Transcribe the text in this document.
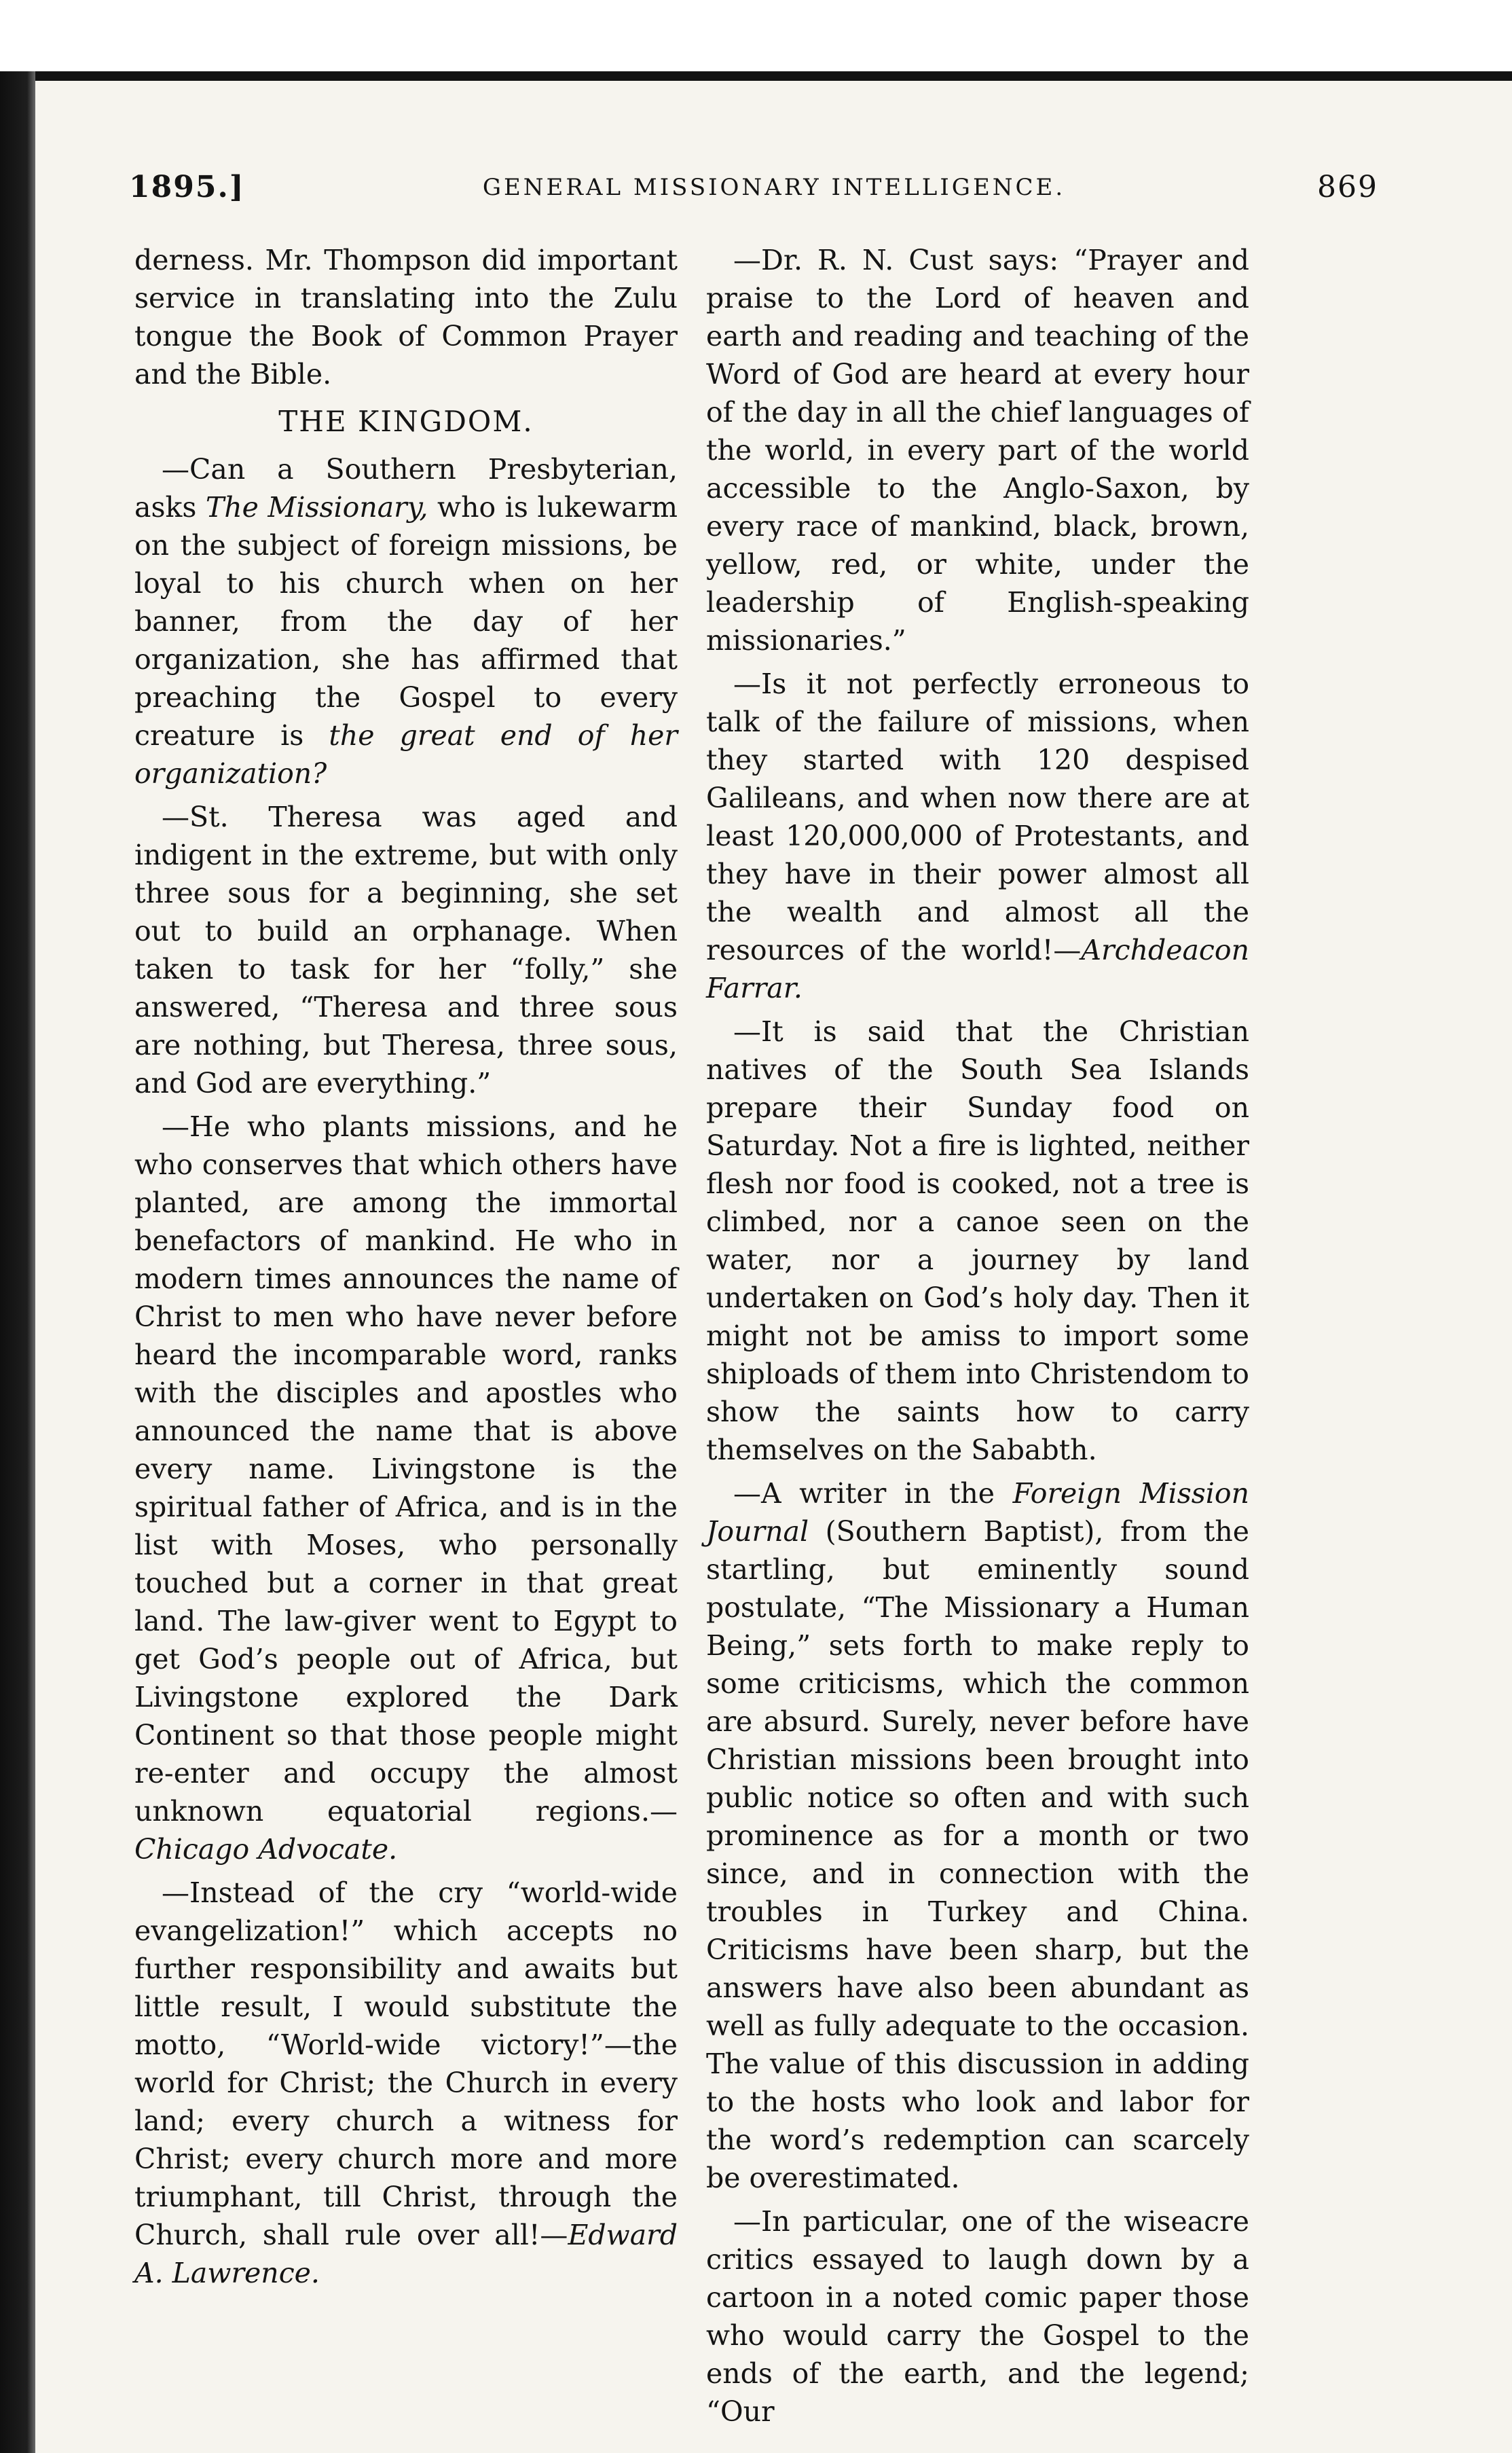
1895.]	GENERAL MISSIONARY INTELLIGENCE.	869

derness. Mr. Thompson did important service in translating into the Zulu tongue the Book of Common Prayer and the Bible.

THE KINGDOM.

—Can a Southern Presbyterian, asks The Missionary, who is lukewarm on the subject of foreign missions, be loyal to his church when on her banner, from the day of her organization, she has affirmed that preaching the Gospel to every creature is the great end of her organization?

—St. Theresa was aged and indigent in the extreme, but with only three sous for a beginning, she set out to build an orphanage. When taken to task for her “folly,” she answered, “Theresa and three sous are nothing, but Theresa, three sous, and God are everything.”

—He who plants missions, and he who conserves that which others have planted, are among the immortal benefactors of mankind. He who in modern times announces the name of Christ to men who have never before heard the incomparable word, ranks with the disciples and apostles who announced the name that is above every name. Livingstone is the spiritual father of Africa, and is in the list with Moses, who personally touched but a corner in that great land. The law-giver went to Egypt to get God’s people out of Africa, but Livingstone explored the Dark Continent so that those people might re-enter and occupy the almost unknown equatorial regions.—Chicago Advocate.

—Instead of the cry “world-wide evangelization!” which accepts no further responsibility and awaits but little result, I would substitute the motto, “World-wide victory!”—the world for Christ; the Church in every land; every church a witness for Christ; every church more and more triumphant, till Christ, through the Church, shall rule over all!—Edward A. Lawrence.

—Dr. R. N. Cust says: “Prayer and praise to the Lord of heaven and earth and reading and teaching of the Word of God are heard at every hour of the day in all the chief languages of the world, in every part of the world accessible to the Anglo-Saxon, by every race of mankind, black, brown, yellow, red, or white, under the leadership of English-speaking missionaries.”

—Is it not perfectly erroneous to talk of the failure of missions, when they started with 120 despised Galileans, and when now there are at least 120,000,000 of Protestants, and they have in their power almost all the wealth and almost all the resources of the world!—Archdeacon Farrar.

—It is said that the Christian natives of the South Sea Islands prepare their Sunday food on Saturday. Not a fire is lighted, neither flesh nor food is cooked, not a tree is climbed, nor a canoe seen on the water, nor a journey by land undertaken on God’s holy day. Then it might not be amiss to import some shiploads of them into Christendom to show the saints how to carry themselves on the Sababth.

—A writer in the Foreign Mission Journal (Southern Baptist), from the startling, but eminently sound postulate, “The Missionary a Human Being,” sets forth to make reply to some criticisms, which the common are absurd. Surely, never before have Christian missions been brought into public notice so often and with such prominence as for a month or two since, and in connection with the troubles in Turkey and China. Criticisms have been sharp, but the answers have also been abundant as well as fully adequate to the occasion. The value of this discussion in adding to the hosts who look and labor for the word’s redemption can scarcely be overestimated.

—In particular, one of the wiseacre critics essayed to laugh down by a cartoon in a noted comic paper those who would carry the Gospel to the ends of the earth, and the legend; “Our
